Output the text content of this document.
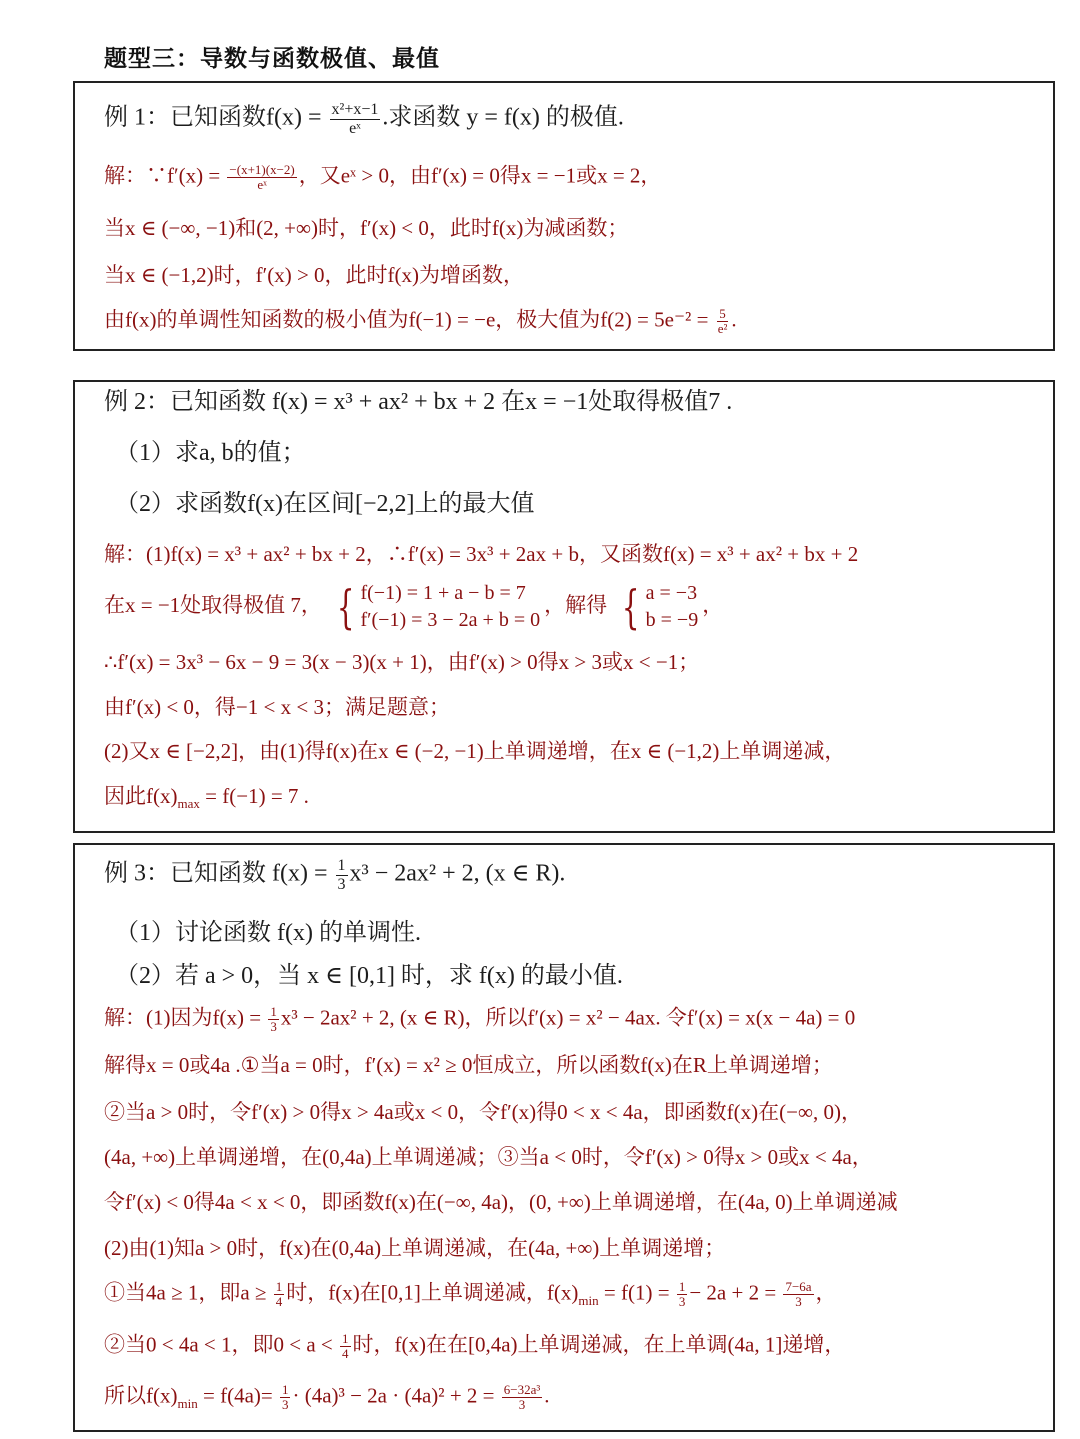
题型三：导数与函数极值、最值
例 1：已知函数$f(x) = \frac{\text{x²+x−1}}{\text{eˣ}}$ .求函数 y = f(x) 的极值.
解：∵f′(x) = $\frac{-(x+1)(x-2)}{\text{eˣ}}$ ，又eˣ > 0，由f′(x) = 0得x = −1或x = 2，
当x ∈ (−∞, −1)和(2, +∞)时，f′(x) < 0，此时f(x)为减函数；
当x ∈ (−1,2)时，f′(x) > 0，此时f(x)为增函数，
由f(x)的单调性知函数的极小值为f(−1) = −e，极大值为$f(2) = 5e^{-2} = \frac{5}{\text{e²}}$ .
例 2：已知函数 f(x) = x³ + ax² + bx + 2 在x = −1处取得极值7 .
（1）求a, b的值；
（2）求函数f(x)在区间[−2,2]上的最大值
解：(1)f(x) = x³ + ax² + bx + 2，∴f′(x) = 3x³ + 2ax + b，又函数f(x) = x³ + ax² + bx + 2
在x = −1处取得极值 7， { f(−1) = 1 + a − b = 7
f′(−1) = 3 − 2a + b = 0
，解得 { a = −3
b = −9
，
∴f′(x) = 3x³ − 6x − 9 = 3(x − 3)(x + 1)，由f′(x) > 0得x > 3或x < −1；
由f′(x) < 0，得−1 < x < 3；满足题意；
(2)又x ∈ [−2,2]，由(1)得f(x)在x ∈ (−2, −1)上单调递增，在x ∈ (−1,2)上单调递减，
因此$f(x)_{max} = f(-1) = 7$ .
例 3：已知函数 $f(x) = \frac{1}{3} x^3 - 2ax^2 + 2$, (x ∈ R).
（1）讨论函数 f(x) 的单调性.
（2）若 a > 0，当 x ∈ [0,1] 时，求 f(x) 的最小值.
解：(1)因为$f(x) = \frac{1}{3} x^3 - 2ax^2 + 2$, (x ∈ R)，所以f′(x) = x² − 4ax. 令f′(x) = x(x − 4a) = 0
解得x = 0或4a .①当a = 0时，f′(x) = x² ≥ 0恒成立，所以函数f(x)在R上单调递增；
②当a > 0时，令f′(x) > 0得x > 4a或x < 0，令f′(x)得0 < x < 4a，即函数f(x)在(−∞, 0)，
(4a, +∞)上单调递增，在(0,4a)上单调递减；③当a < 0时，令f′(x) > 0得x > 0或x < 4a，
令f′(x) < 0得4a < x < 0，即函数f(x)在(−∞, 4a)，(0, +∞)上单调递增，在(4a, 0)上单调递减
(2)由(1)知a > 0时，f(x)在(0,4a)上单调递减，在(4a, +∞)上单调递增；
①当4a ≥ 1，即$a \ge \frac{1}{4}$ 时，f(x)在[0,1]上单调递减，$f(x)_{min} = f(1) = \frac{1}{3} - 2a + 2 = \frac{7-6a}{3}$ ，
②当0 < 4a < 1，即$0 < a < \frac{1}{4}$ 时，f(x)在在[0,4a)上单调递减，在上单调(4a, 1]递增，
所以$f(x)_{min} = f(4a)= \frac{1}{3} \cdot (4a)^3 - 2a \cdot (4a)^2 + 2 = \frac{\text{6−32a³}}{3}$ .
